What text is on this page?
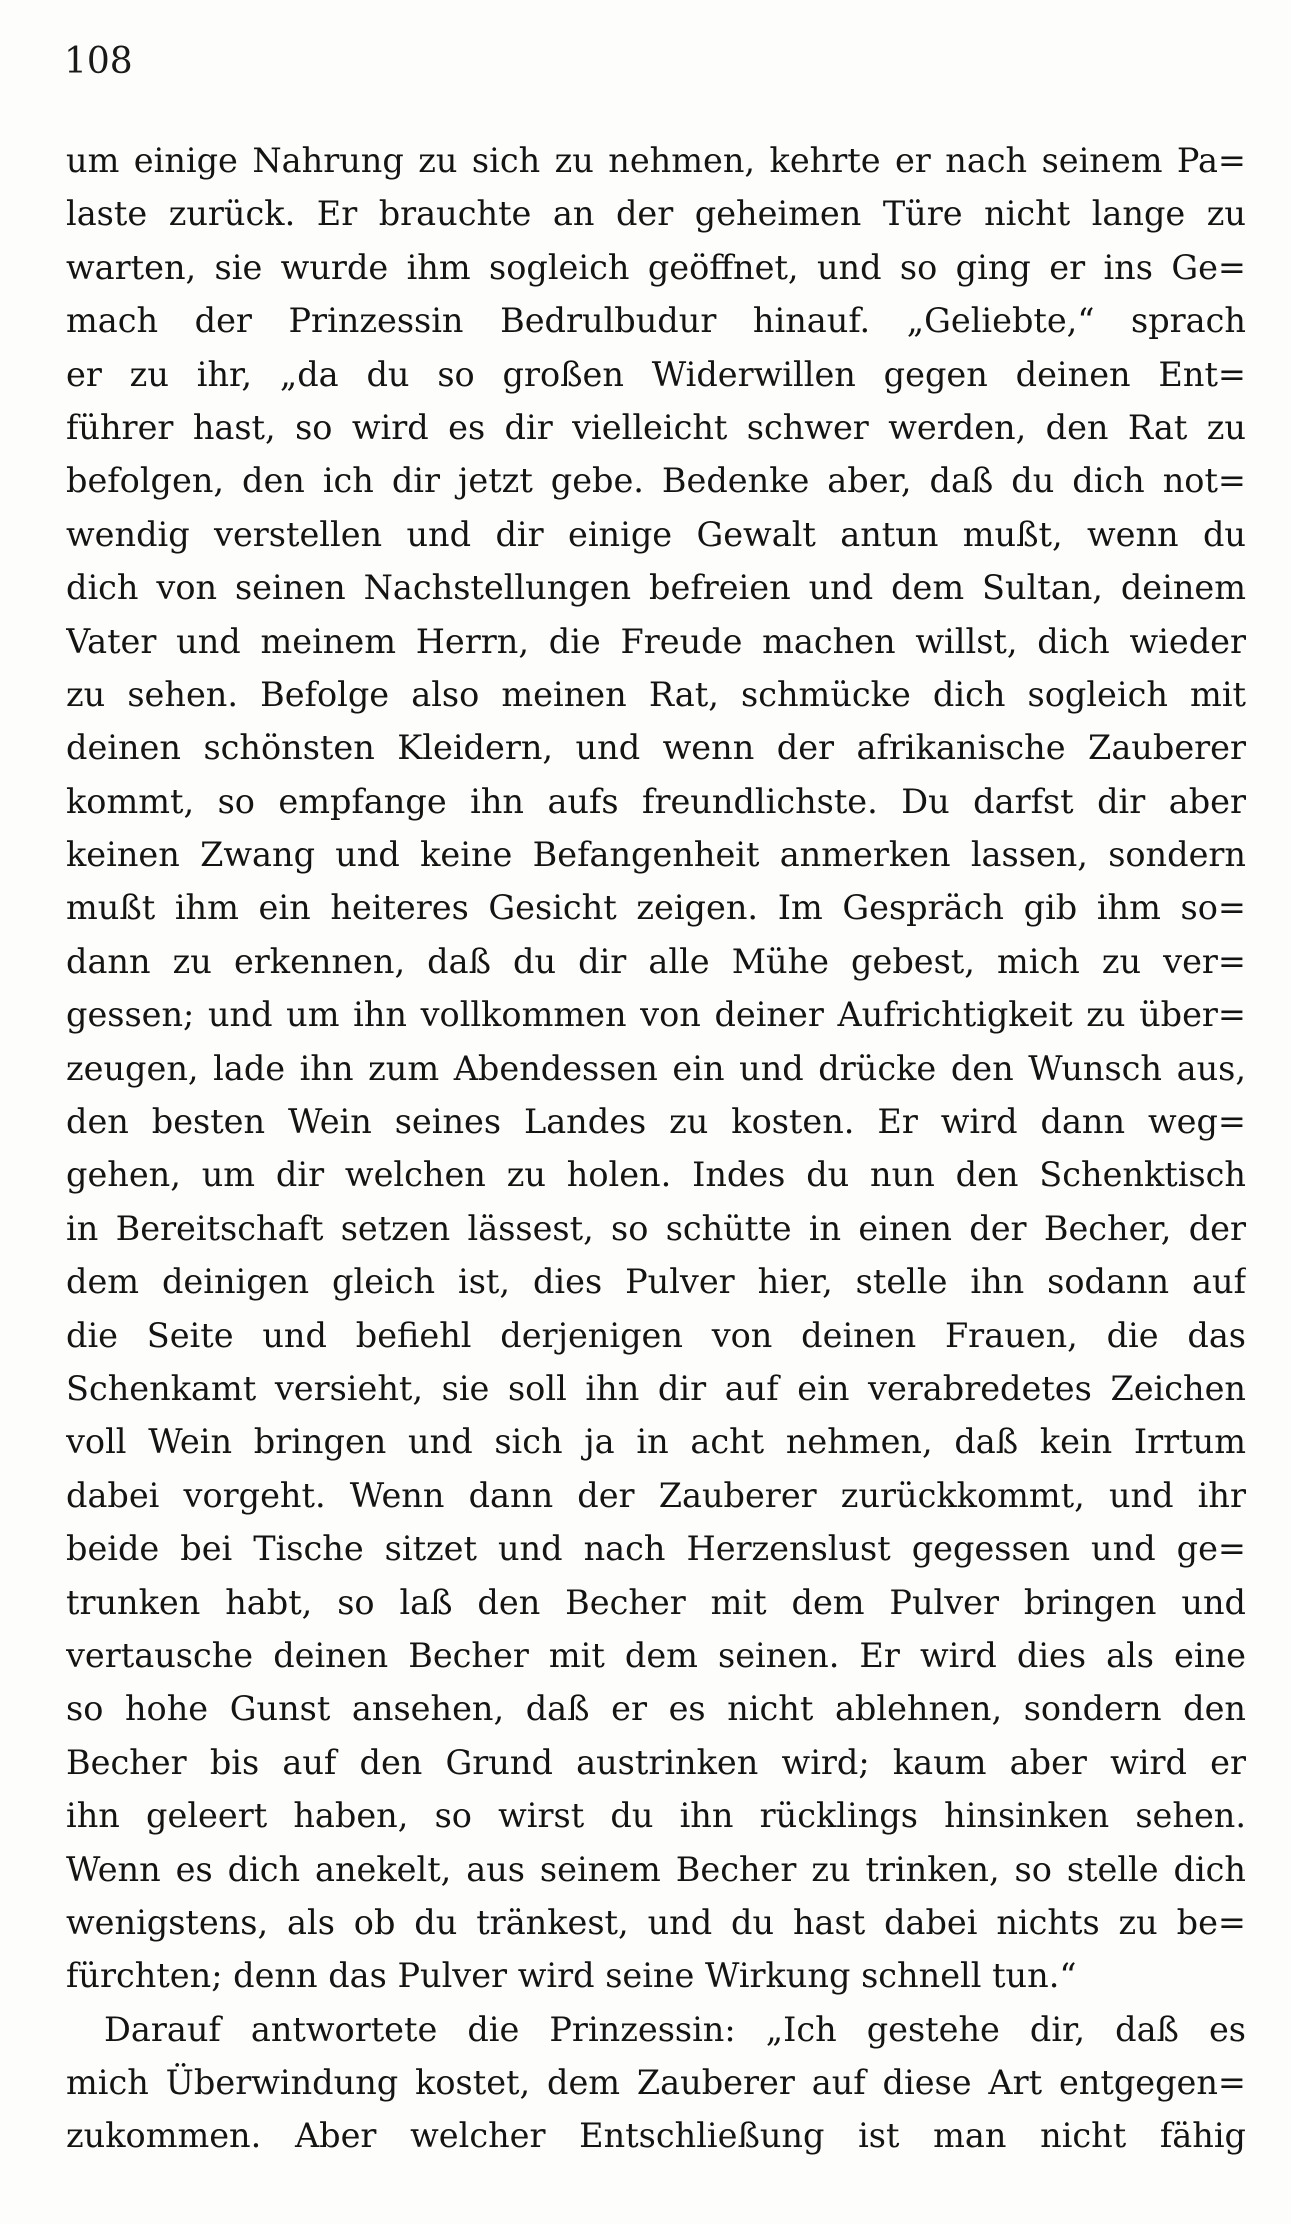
108
um einige Nahrung zu sich zu nehmen, kehrte er nach seinem Pa=
laste zurück. Er brauchte an der geheimen Türe nicht lange zu
warten, sie wurde ihm sogleich geöffnet, und so ging er ins Ge=
mach der Prinzessin Bedrulbudur hinauf. „Geliebte,“ sprach
er zu ihr, „da du so großen Widerwillen gegen deinen Ent=
führer hast, so wird es dir vielleicht schwer werden, den Rat zu
befolgen, den ich dir jetzt gebe. Bedenke aber, daß du dich not=
wendig verstellen und dir einige Gewalt antun mußt, wenn du
dich von seinen Nachstellungen befreien und dem Sultan, deinem
Vater und meinem Herrn, die Freude machen willst, dich wieder
zu sehen. Befolge also meinen Rat, schmücke dich sogleich mit
deinen schönsten Kleidern, und wenn der afrikanische Zauberer
kommt, so empfange ihn aufs freundlichste. Du darfst dir aber
keinen Zwang und keine Befangenheit anmerken lassen, sondern
mußt ihm ein heiteres Gesicht zeigen. Im Gespräch gib ihm so=
dann zu erkennen, daß du dir alle Mühe gebest, mich zu ver=
gessen; und um ihn vollkommen von deiner Aufrichtigkeit zu über=
zeugen, lade ihn zum Abendessen ein und drücke den Wunsch aus,
den besten Wein seines Landes zu kosten. Er wird dann weg=
gehen, um dir welchen zu holen. Indes du nun den Schenktisch
in Bereitschaft setzen lässest, so schütte in einen der Becher, der
dem deinigen gleich ist, dies Pulver hier, stelle ihn sodann auf
die Seite und befiehl derjenigen von deinen Frauen, die das
Schenkamt versieht, sie soll ihn dir auf ein verabredetes Zeichen
voll Wein bringen und sich ja in acht nehmen, daß kein Irrtum
dabei vorgeht. Wenn dann der Zauberer zurückkommt, und ihr
beide bei Tische sitzet und nach Herzenslust gegessen und ge=
trunken habt, so laß den Becher mit dem Pulver bringen und
vertausche deinen Becher mit dem seinen. Er wird dies als eine
so hohe Gunst ansehen, daß er es nicht ablehnen, sondern den
Becher bis auf den Grund austrinken wird; kaum aber wird er
ihn geleert haben, so wirst du ihn rücklings hinsinken sehen.
Wenn es dich anekelt, aus seinem Becher zu trinken, so stelle dich
wenigstens, als ob du tränkest, und du hast dabei nichts zu be=
fürchten; denn das Pulver wird seine Wirkung schnell tun.“
Darauf antwortete die Prinzessin: „Ich gestehe dir, daß es
mich Überwindung kostet, dem Zauberer auf diese Art entgegen=
zukommen. Aber welcher Entschließung ist man nicht fähig
